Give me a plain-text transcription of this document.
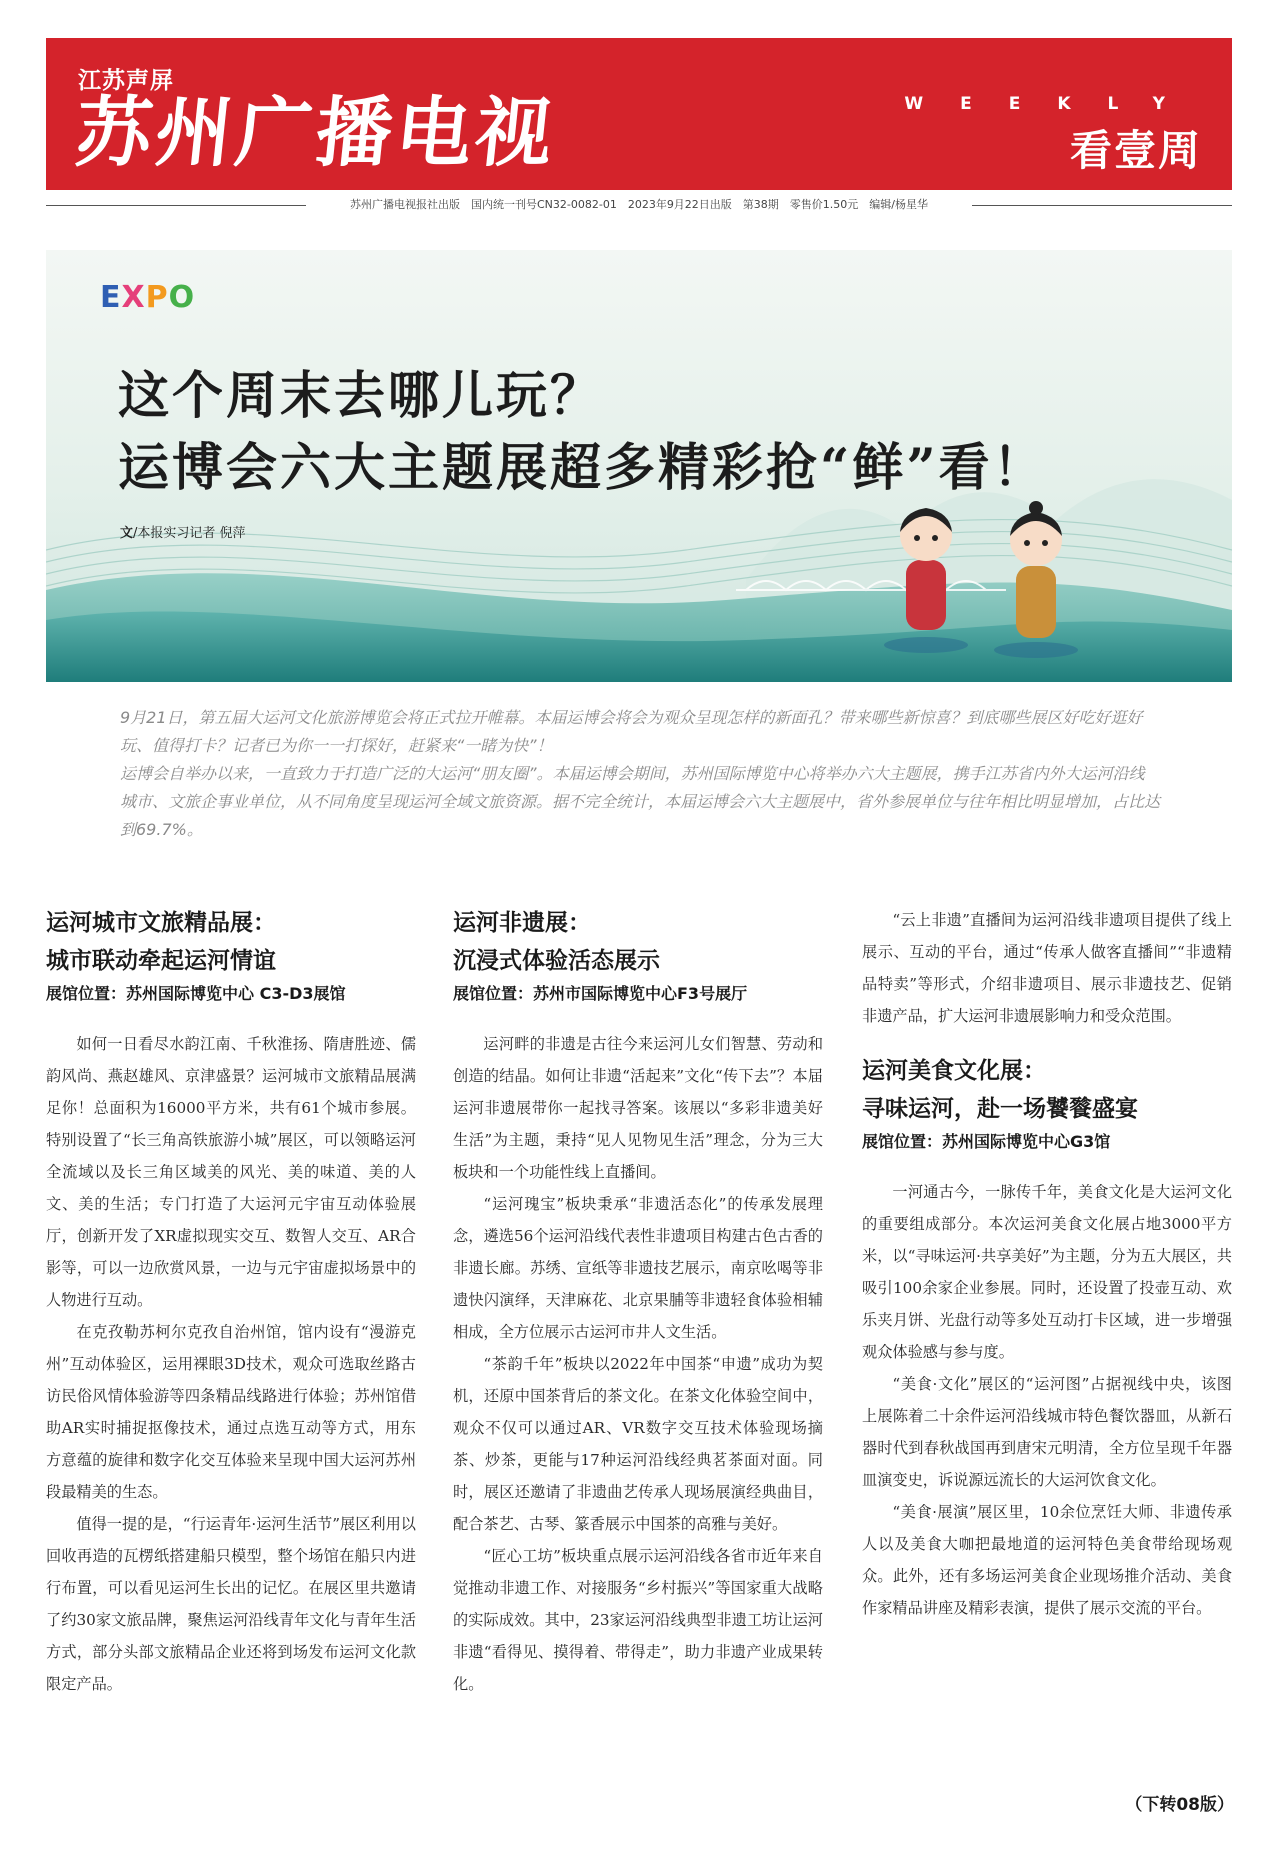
江苏声屏
苏州广播电视	WEEKLY
看壹周
苏州广播电视报社出版　国内统一刊号CN32-0082-01　2023年9月22日出版　第38期　零售价1.50元　编辑/杨星华
EXPO
这个周末去哪儿玩？
运博会六大主题展超多精彩抢“鲜”看！
文/本报实习记者 倪萍

9月21日，第五届大运河文化旅游博览会将正式拉开帷幕。本届运博会将会为观众呈现怎样的新面孔？带来哪些新惊喜？到底哪些展区好吃好逛好玩、值得打卡？记者已为你一一打探好，赶紧来“一睹为快”！

运博会自举办以来，一直致力于打造广泛的大运河“朋友圈”。本届运博会期间，苏州国际博览中心将举办六大主题展，携手江苏省内外大运河沿线城市、文旅企事业单位，从不同角度呈现运河全域文旅资源。据不完全统计，本届运博会六大主题展中，省外参展单位与往年相比明显增加，占比达到69.7%。

运河城市文旅精品展：
城市联动牵起运河情谊
展馆位置：苏州国际博览中心 C3-D3展馆

如何一日看尽水韵江南、千秋淮扬、隋唐胜迹、儒韵风尚、燕赵雄风、京津盛景？运河城市文旅精品展满足你！总面积为16000平方米，共有61个城市参展。特别设置了“长三角高铁旅游小城”展区，可以领略运河全流域以及长三角区域美的风光、美的味道、美的人文、美的生活；专门打造了大运河元宇宙互动体验展厅，创新开发了XR虚拟现实交互、数智人交互、AR合影等，可以一边欣赏风景，一边与元宇宙虚拟场景中的人物进行互动。

在克孜勒苏柯尔克孜自治州馆，馆内设有“漫游克州”互动体验区，运用裸眼3D技术，观众可选取丝路古访民俗风情体验游等四条精品线路进行体验；苏州馆借助AR实时捕捉抠像技术，通过点选互动等方式，用东方意蕴的旋律和数字化交互体验来呈现中国大运河苏州段最精美的生态。

值得一提的是，“行运青年·运河生活节”展区利用以回收再造的瓦楞纸搭建船只模型，整个场馆在船只内进行布置，可以看见运河生长出的记忆。在展区里共邀请了约30家文旅品牌，聚焦运河沿线青年文化与青年生活方式，部分头部文旅精品企业还将到场发布运河文化款限定产品。

运河非遗展：
沉浸式体验活态展示
展馆位置：苏州市国际博览中心F3号展厅

运河畔的非遗是古往今来运河儿女们智慧、劳动和创造的结晶。如何让非遗“活起来”文化“传下去”？本届运河非遗展带你一起找寻答案。该展以“多彩非遗美好生活”为主题，秉持“见人见物见生活”理念，分为三大板块和一个功能性线上直播间。

“运河瑰宝”板块秉承“非遗活态化”的传承发展理念，遴选56个运河沿线代表性非遗项目构建古色古香的非遗长廊。苏绣、宣纸等非遗技艺展示，南京吆喝等非遗快闪演绎，天津麻花、北京果脯等非遗轻食体验相辅相成，全方位展示古运河市井人文生活。

“茶韵千年”板块以2022年中国茶“申遗”成功为契机，还原中国茶背后的茶文化。在茶文化体验空间中，观众不仅可以通过AR、VR数字交互技术体验现场摘茶、炒茶，更能与17种运河沿线经典茗茶面对面。同时，展区还邀请了非遗曲艺传承人现场展演经典曲目，配合茶艺、古琴、篆香展示中国茶的高雅与美好。

“匠心工坊”板块重点展示运河沿线各省市近年来自觉推动非遗工作、对接服务“乡村振兴”等国家重大战略的实际成效。其中，23家运河沿线典型非遗工坊让运河非遗“看得见、摸得着、带得走”，助力非遗产业成果转化。

“云上非遗”直播间为运河沿线非遗项目提供了线上展示、互动的平台，通过“传承人做客直播间”“非遗精品特卖”等形式，介绍非遗项目、展示非遗技艺、促销非遗产品，扩大运河非遗展影响力和受众范围。

运河美食文化展：
寻味运河，赴一场饕餮盛宴
展馆位置：苏州国际博览中心G3馆

一河通古今，一脉传千年，美食文化是大运河文化的重要组成部分。本次运河美食文化展占地3000平方米，以“寻味运河·共享美好”为主题，分为五大展区，共吸引100余家企业参展。同时，还设置了投壶互动、欢乐夹月饼、光盘行动等多处互动打卡区域，进一步增强观众体验感与参与度。

“美食·文化”展区的“运河图”占据视线中央，该图上展陈着二十余件运河沿线城市特色餐饮器皿，从新石器时代到春秋战国再到唐宋元明清，全方位呈现千年器皿演变史，诉说源远流长的大运河饮食文化。

“美食·展演”展区里，10余位烹饪大师、非遗传承人以及美食大咖把最地道的运河特色美食带给现场观众。此外，还有多场运河美食企业现场推介活动、美食作家精品讲座及精彩表演，提供了展示交流的平台。

（下转08版）
